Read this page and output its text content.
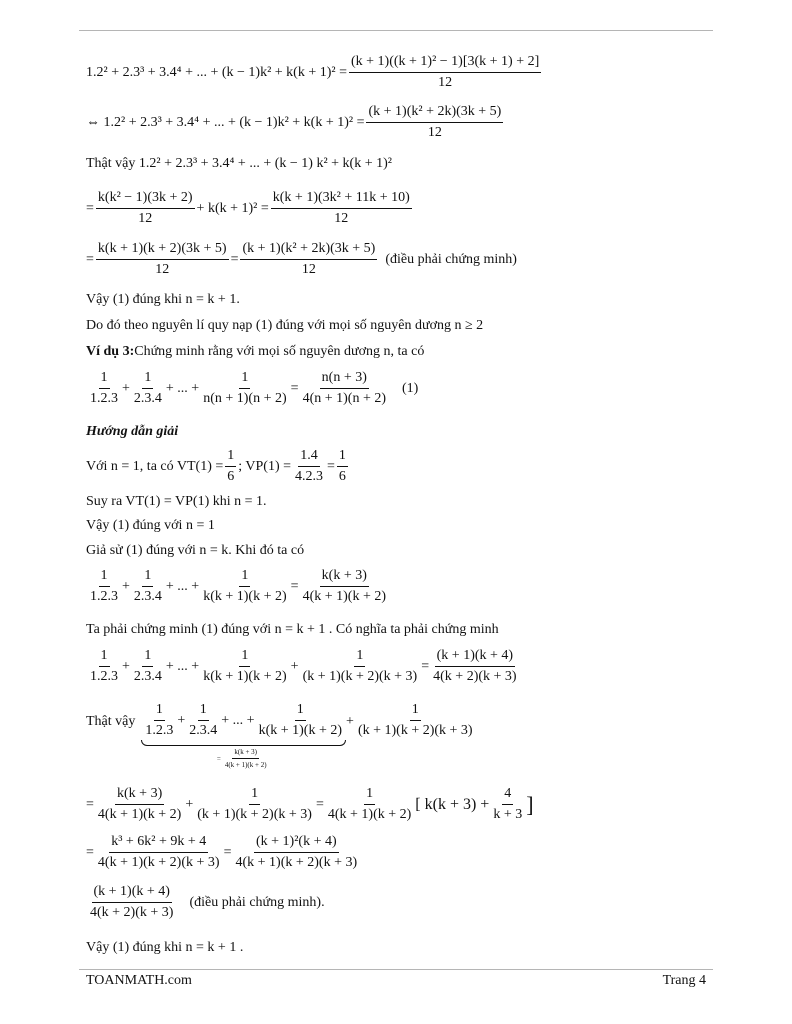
1.2² + 2.3³ + 3.4⁴ + ... + $(k - 1)k^2 + k(k + 1)^2 = \frac{\text{(k + 1)((k + 1)² − 1)[3(k + 1) + 2]}}{12}$
⇔ 1.2² + 2.3³ + 3.4⁴ + ... + $(k - 1)k^2 + k(k + 1)^2 = \frac{\text{(k + 1)(k² + 2k)(3k + 5)}}{12}$
Thật vậy 1.2² + 2.3³ + 3.4⁴ + ... + (k − 1) k² + k(k + 1)²
= $\frac{\text{k(k² − 1)(3k + 2)}}{12} + k(k + 1)^2 = \frac{\text{k(k + 1)(3k² + 11k + 10)}}{12}$
= $\frac{k(k + 1)(k + 2)(3k + 5)}{12} = \frac{\text{(k + 1)(k² + 2k)(3k + 5)}}{12}$ (điều phải chứng minh)
Vậy (1) đúng khi n = k + 1.
Do đó theo nguyên lí quy nạp (1) đúng với mọi số nguyên dương n ≥ 2
Ví dụ 3: Chứng minh rằng với mọi số nguyên dương n, ta có
$\frac{1}{1.2.3} + \frac{1}{2.3.4}$ + ... + $\frac{1}{n(n + 1)(n + 2)} = \frac{n(n + 3)}{4(n + 1)(n + 2)} (1)$
Hướng dẫn giải
Với n = 1, ta có $VT(1) = \frac{1}{6}$ ; $VP(1) = \frac{1.4}{4.2.3} = \frac{1}{6}$
Suy ra VT(1) = VP(1) khi n = 1.
Vậy (1) đúng với n = 1
Giả sử (1) đúng với n = k. Khi đó ta có
$\frac{1}{1.2.3} + \frac{1}{2.3.4}$ + ... + $\frac{1}{k(k + 1)(k + 2)} = \frac{k(k + 3)}{4(k + 1)(k + 2)}$
Ta phải chứng minh (1) đúng với n = k + 1 . Có nghĩa ta phải chứng minh
$\frac{1}{1.2.3} + \frac{1}{2.3.4}$ + ... + $\frac{1}{k(k + 1)(k + 2)} + \frac{1}{(k + 1)(k + 2)(k + 3)} = \frac{(k + 1)(k + 4)}{4(k + 2)(k + 3)}$
Thật vậy $\frac{1}{1.2.3} + \frac{1}{2.3.4}$ + ... + $\frac{1}{k(k + 1)(k + 2)}$
= $\frac{k(k + 3)}{4(k + 1)(k + 2)}$
+ $\frac{1}{(k + 1)(k + 2)(k + 3)}$
= $\frac{k(k + 3)}{4(k + 1)(k + 2)} + \frac{1}{(k + 1)(k + 2)(k + 3)} = \frac{1}{4(k + 1)(k + 2)}$ [ $k(k + 3) + \frac{4}{k + 3}$ ]
= $\frac{\text{k³ + 6k² + 9k + 4}}{4(k + 1)(k + 2)(k + 3)} = \frac{\text{(k + 1)²(k + 4)}}{4(k + 1)(k + 2)(k + 3)}$
$\frac{(k + 1)(k + 4)}{4(k + 2)(k + 3)}$ (điều phải chứng minh).
Vậy (1) đúng khi n = k + 1 .
TOANMATH.com	Trang 4
